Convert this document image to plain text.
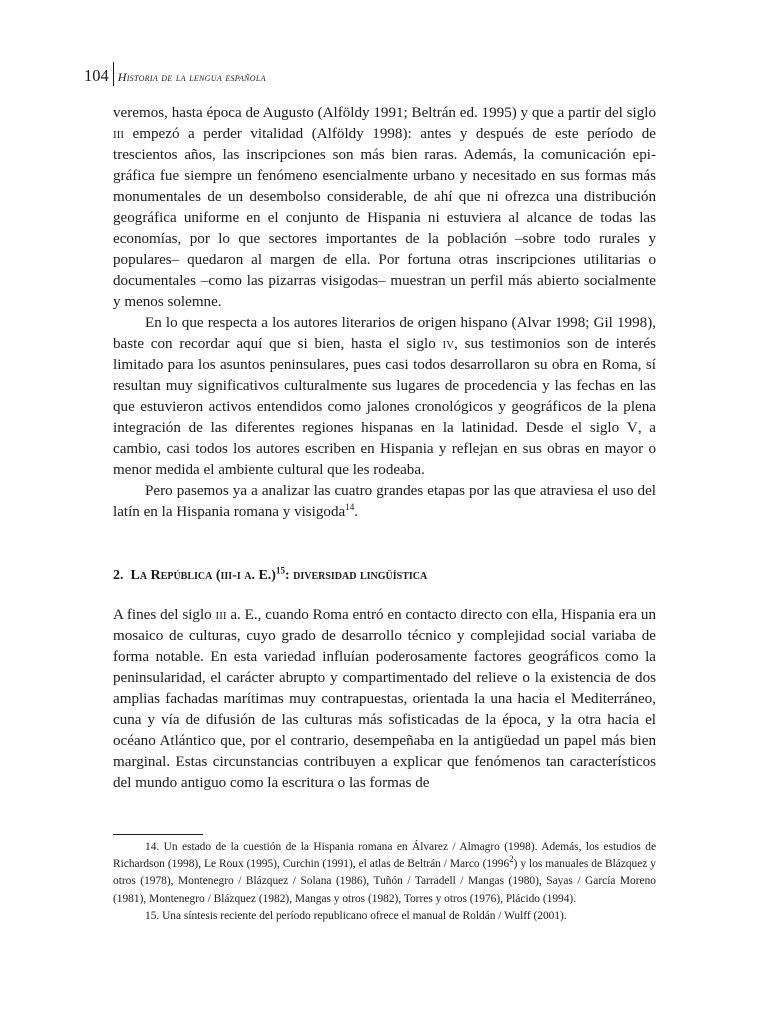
104 Historia de la lengua española

veremos, hasta época de Augusto (Alföldy 1991; Beltrán ed. 1995) y que a partir del siglo iii empezó a perder vitalidad (Alföldy 1998): antes y después de este período de trescientos años, las inscripciones son más bien raras. Además, la comunicación epigráfica fue siempre un fenómeno esencialmente urbano y necesitado en sus formas más monumentales de un desembolso considerable, de ahí que ni ofrezca una distribución geográfica uniforme en el conjunto de Hispania ni estuviera al alcance de todas las economías, por lo que sectores importantes de la población –sobre todo rurales y populares– quedaron al margen de ella. Por fortuna otras inscripciones utilitarias o documentales –como las pizarras visigodas– muestran un perfil más abierto socialmente y menos solemne.

En lo que respecta a los autores literarios de origen hispano (Alvar 1998; Gil 1998), baste con recordar aquí que si bien, hasta el siglo iv, sus testimonios son de interés limitado para los asuntos peninsulares, pues casi todos desarrollaron su obra en Roma, sí resultan muy significativos culturalmente sus lugares de procedencia y las fechas en las que estuvieron activos entendidos como jalones cronológicos y geográficos de la plena integración de las diferentes regiones hispanas en la latinidad. Desde el siglo V, a cambio, casi todos los autores escriben en Hispania y reflejan en sus obras en mayor o menor medida el ambiente cultural que les rodeaba.

Pero pasemos ya a analizar las cuatro grandes etapas por las que atraviesa el uso del latín en la Hispania romana y visigoda$^{14}$.

2. La República (iii-i a. E.)$^{15}$: diversidad lingüística

A fines del siglo iii a. E., cuando Roma entró en contacto directo con ella, Hispania era un mosaico de culturas, cuyo grado de desarrollo técnico y complejidad social variaba de forma notable. En esta variedad influían poderosamente factores geográficos como la peninsularidad, el carácter abrupto y compartimentado del relieve o la existencia de dos amplias fachadas marítimas muy contrapuestas, orientada la una hacia el Mediterráneo, cuna y vía de difusión de las culturas más sofisticadas de la época, y la otra hacia el océano Atlántico que, por el contrario, desempeñaba en la antigüedad un papel más bien marginal. Estas circunstancias contribuyen a explicar que fenómenos tan característicos del mundo antiguo como la escritura o las formas de

14. Un estado de la cuestión de la Hispania romana en Álvarez / Almagro (1998). Además, los estudios de Richardson (1998), Le Roux (1995), Curchin (1991), el atlas de Beltrán / Marco (1996$^2$) y los manuales de Blázquez y otros (1978), Montenegro / Blázquez / Solana (1986), Tuñón / Tarradell / Mangas (1980), Sayas / García Moreno (1981), Montenegro / Blázquez (1982), Mangas y otros (1982), Torres y otros (1976), Plácido (1994).

15. Una síntesis reciente del período republicano ofrece el manual de Roldán / Wulff (2001).
